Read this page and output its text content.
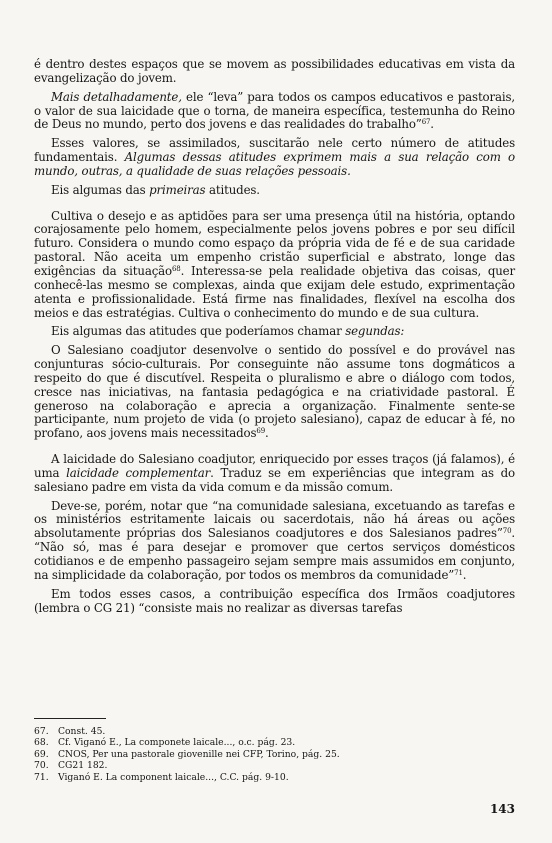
é dentro destes espaços que se movem as possibilidades educativas em vista da evangelização do jovem.

Mais detalhadamente, ele “leva” para todos os campos educativos e pastorais, o valor de sua laicidade que o torna, de maneira específica, testemunha do Reino de Deus no mundo, perto dos jovens e das realidades do trabalho”$^{67}$.

Esses valores, se assimilados, suscitarão nele certo número de atitudes fundamentais. Algumas dessas atitudes exprimem mais a sua relação com o mundo, outras, a qualidade de suas relações pessoais.

Eis algumas das primeiras atitudes.

Cultiva o desejo e as aptidões para ser uma presença útil na história, optando corajosamente pelo homem, especialmente pelos jovens pobres e por seu difícil futuro. Considera o mundo como espaço da própria vida de fé e de sua caridade pastoral. Não aceita um empenho cristão superficial e abstrato, longe das exigências da situação$^{68}$. Interessa-se pela realidade objetiva das coisas, quer conhecê-las mesmo se complexas, ainda que exijam dele estudo, exprimentação atenta e profissionalidade. Está firme nas finalidades, flexível na escolha dos meios e das estratégias. Cultiva o conhecimento do mundo e de sua cultura.

Eis algumas das atitudes que poderíamos chamar segundas:

O Salesiano coadjutor desenvolve o sentido do possível e do provável nas conjunturas sócio-culturais. Por conseguinte não assume tons dogmáticos a respeito do que é discutível. Respeita o pluralismo e abre o diálogo com todos, cresce nas iniciativas, na fantasia pedagógica e na criatividade pastoral. É generoso na colaboração e aprecia a organização. Finalmente sente-se participante, num projeto de vida (o projeto salesiano), capaz de educar à fé, no profano, aos jovens mais necessitados$^{69}$.

A laicidade do Salesiano coadjutor, enriquecido por esses traços (já falamos), é uma laicidade complementar. Traduz se em experiências que integram as do salesiano padre em vista da vida comum e da missão comum.

Deve-se, porém, notar que “na comunidade salesiana, excetuando as tarefas e os ministérios estritamente laicais ou sacerdotais, não há áreas ou ações absolutamente próprias dos Salesianos coadjutores e dos Salesianos padres”$^{70}$. “Não só, mas é para desejar e promover que certos serviços domésticos cotidianos e de empenho passageiro sejam sempre mais assumidos em conjunto, na simplicidade da colaboração, por todos os membros da comunidade”$^{71}$.

Em todos esses casos, a contribuição específica dos Irmãos coadjutores (lembra o CG 21) “consiste mais no realizar as diversas tarefas

67.	Const. 45.
68.	Cf. Viganó E., La componete laicale..., o.c. pág. 23.
69.	CNOS, Per una pastorale giovenille nei CFP, Torino, pág. 25.
70.	CG21 182.
71.	Viganó E. La component laicale..., C.C. pág. 9-10.
143
